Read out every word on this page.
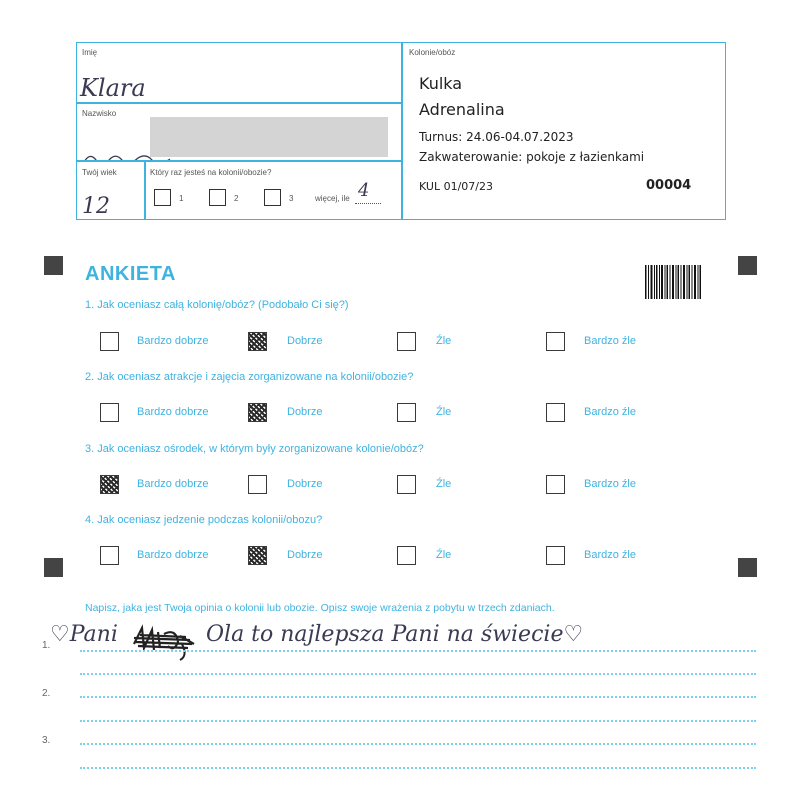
Imię
Klara
Nazwisko
Twój wiek
12
Który raz jesteś na kolonii/obozie?
1	2	3	więcej, ile 4
Kolonie/obóz
Kulka
Adrenalina
Turnus: 24.06-04.07.2023
Zakwaterowanie: pokoje z łazienkami
KUL 01/07/23	00004
ANKIETA
1. Jak oceniasz całą kolonię/obóz? (Podobało Ci się?)
Bardzo dobrze	Dobrze	Źle	Bardzo źle
2. Jak oceniasz atrakcje i zajęcia zorganizowane na kolonii/obozie?
Bardzo dobrze	Dobrze	Źle	Bardzo źle
3. Jak oceniasz ośrodek, w którym były zorganizowane kolonie/obóz?
Bardzo dobrze	Dobrze	Źle	Bardzo źle
4. Jak oceniasz jedzenie podczas kolonii/obozu?
Bardzo dobrze	Dobrze	Źle	Bardzo źle
Napisz, jaka jest Twoja opinia o kolonii lub obozie. Opisz swoje wrażenia z pobytu w trzech zdaniach.
1. ♡Pani	Ola to najlepsza Pani na świecie♡
2.
3.
